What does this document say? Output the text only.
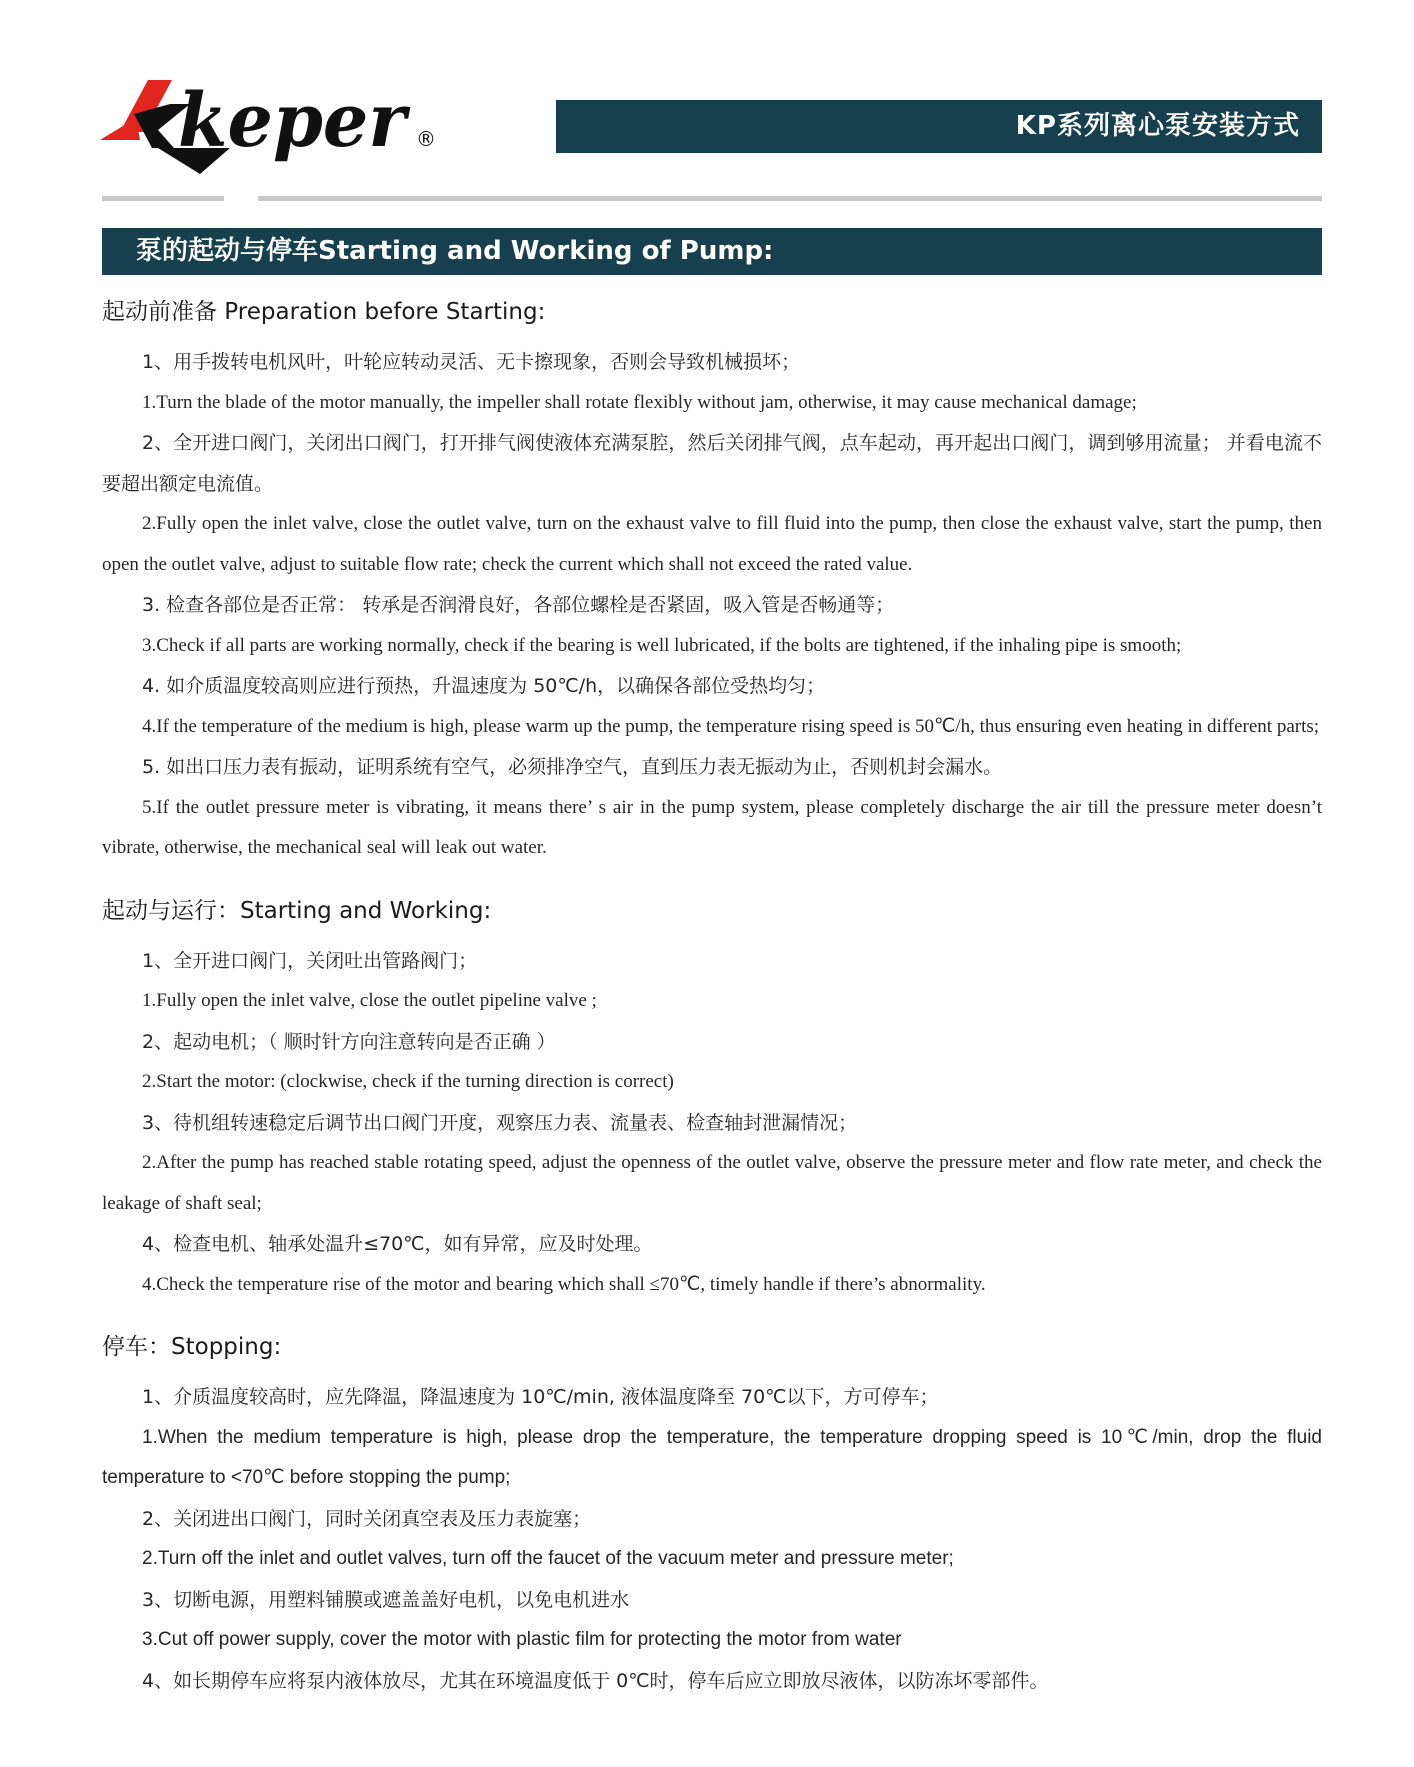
keper ®	KP系列离心泵安装方式
泵的起动与停车Starting and Working of Pump:
起动前准备 Preparation before Starting:

1、用手拨转电机风叶，叶轮应转动灵活、无卡擦现象，否则会导致机械损坏；

1.Turn the blade of the motor manually, the impeller shall rotate flexibly without jam, otherwise, it may cause mechanical damage;

2、全开进口阀门，关闭出口阀门，打开排气阀使液体充满泵腔，然后关闭排气阀，点车起动，再开起出口阀门，调到够用流量； 并看电流不要超出额定电流值。

2.Fully open the inlet valve, close the outlet valve, turn on the exhaust valve to fill fluid into the pump, then close the exhaust valve, start the pump, then open the outlet valve, adjust to suitable flow rate; check the current which shall not exceed the rated value.

3. 检查各部位是否正常： 转承是否润滑良好，各部位螺栓是否紧固，吸入管是否畅通等；

3.Check if all parts are working normally, check if the bearing is well lubricated, if the bolts are tightened, if the inhaling pipe is smooth;

4. 如介质温度较高则应进行预热，升温速度为 50℃/h，以确保各部位受热均匀；

4.If the temperature of the medium is high, please warm up the pump, the temperature rising speed is 50℃/h, thus ensuring even heating in different parts;

5. 如出口压力表有振动，证明系统有空气，必须排净空气，直到压力表无振动为止，否则机封会漏水。

5.If the outlet pressure meter is vibrating, it means there’ s air in the pump system, please completely discharge the air till the pressure meter doesn’t vibrate, otherwise, the mechanical seal will leak out water.

起动与运行：Starting and Working:

1、全开进口阀门，关闭吐出管路阀门；

1.Fully open the inlet valve, close the outlet pipeline valve ;

2、起动电机；（ 顺时针方向注意转向是否正确 ）

2.Start the motor: (clockwise, check if the turning direction is correct)

3、待机组转速稳定后调节出口阀门开度，观察压力表、流量表、检查轴封泄漏情况；

2.After the pump has reached stable rotating speed, adjust the openness of the outlet valve, observe the pressure meter and flow rate meter, and check the leakage of shaft seal;

4、检查电机、轴承处温升≤70℃，如有异常，应及时处理。

4.Check the temperature rise of the motor and bearing which shall ≤70℃, timely handle if there’s abnormality.

停车：Stopping:

1、介质温度较高时，应先降温，降温速度为 10℃/min, 液体温度降至 70℃以下，方可停车；

1.When the medium temperature is high, please drop the temperature, the temperature dropping speed is 10℃/min, drop the fluid temperature to <70℃ before stopping the pump;

2、关闭进出口阀门，同时关闭真空表及压力表旋塞；

2.Turn off the inlet and outlet valves, turn off the faucet of the vacuum meter and pressure meter;

3、切断电源，用塑料铺膜或遮盖盖好电机，以免电机进水

3.Cut off power supply, cover the motor with plastic film for protecting the motor from water

4、如长期停车应将泵内液体放尽，尤其在环境温度低于 0℃时，停车后应立即放尽液体，以防冻坏零部件。
